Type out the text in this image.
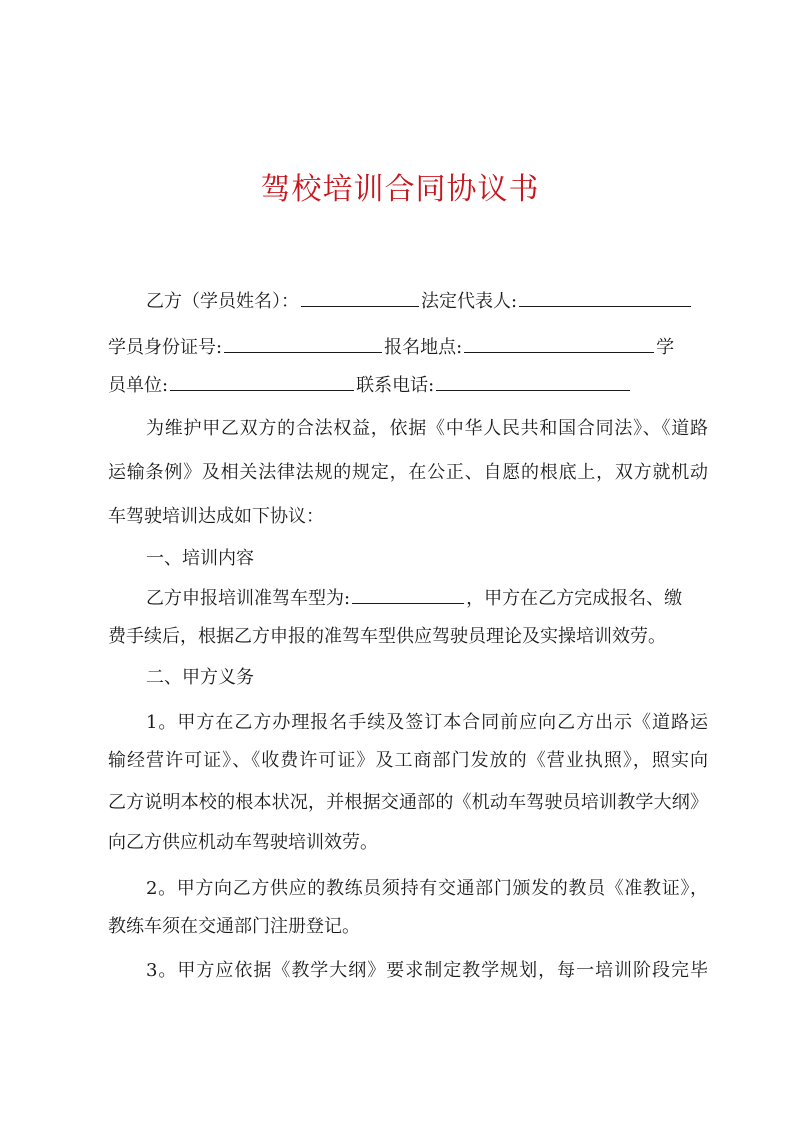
驾校培训合同协议书
乙方（学员姓名）：	法定代表人:
学员身份证号:	报名地点:	学
员单位:	联系电话:
为维护甲乙双方的合法权益，依据《中华人民共和国合同法》、《道路
运输条例》及相关法律法规的规定，在公正、自愿的根底上，双方就机动
车驾驶培训达成如下协议：
一、培训内容
乙方申报培训准驾车型为:	，甲方在乙方完成报名、缴
费手续后，根据乙方申报的准驾车型供应驾驶员理论及实操培训效劳。
二、甲方义务
1。甲方在乙方办理报名手续及签订本合同前应向乙方出示《道路运
输经营许可证》、《收费许可证》及工商部门发放的《营业执照》，照实向
乙方说明本校的根本状况，并根据交通部的《机动车驾驶员培训教学大纲》
向乙方供应机动车驾驶培训效劳。
2。甲方向乙方供应的教练员须持有交通部门颁发的教员《准教证》，
教练车须在交通部门注册登记。
3。甲方应依据《教学大纲》要求制定教学规划，每一培训阶段完毕
